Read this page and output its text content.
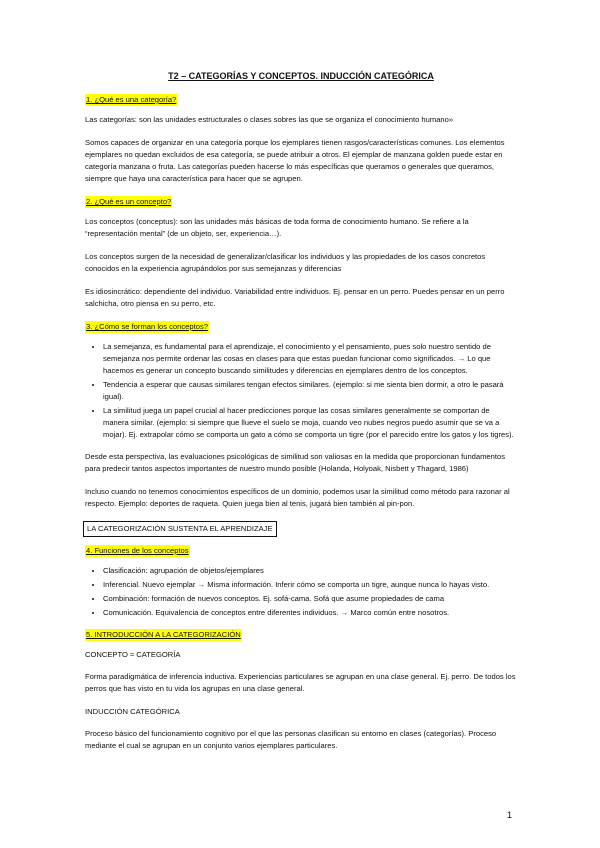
T2 – CATEGORÍAS Y CONCEPTOS. INDUCCIÓN CATEGÓRICA
1. ¿Qué es una categoría?

Las categorías: son las unidades estructurales o clases sobres las que se organiza el conocimiento humano»

Somos capaces de organizar en una categoría porque los ejemplares tienen rasgos/características comunes. Los elementos ejemplares no quedan excluidos de esa categoría, se puede atribuir a otros. El ejemplar de manzana golden puede estar en categoría manzana o fruta. Las categorías pueden hacerse lo más específicas que queramos o generales que queramos, siempre que haya una característica para hacer que se agrupen.

2. ¿Qué es un concepto?

Los conceptos (conceptus): son las unidades más básicas de toda forma de conocimiento humano. Se refiere a la “representación mental” (de un objeto, ser, experiencia…).

Los conceptos surgen de la necesidad de generalizar/clasificar los individuos y las propiedades de los casos concretos conocidos en la experiencia agrupándolos por sus semejanzas y diferencias

Es idiosincrático: dependiente del individuo. Variabilidad entre individuos. Ej. pensar en un perro. Puedes pensar en un perro salchicha, otro piensa en su perro, etc.

3. ¿Cómo se forman los conceptos?
• La semejanza, es fundamental para el aprendizaje, el conocimiento y el pensamiento, pues solo nuestro sentido de semejanza nos permite ordenar las cosas en clases para que estas puedan funcionar como significados. → Lo que hacemos es generar un concepto buscando similitudes y diferencias en ejemplares dentro de los conceptos.
• Tendencia a esperar que causas similares tengan efectos similares. (ejemplo: si me sienta bien dormir, a otro le pasará igual).
• La similitud juega un papel crucial al hacer predicciones porque las cosas similares generalmente se comportan de manera similar. (ejemplo: si siempre que llueve el suelo se moja, cuando veo nubes negros puedo asumir que se va a mojar). Ej. extrapolar cómo se comporta un gato a cómo se comporta un tigre (por el parecido entre los gatos y los tigres).

Desde esta perspectiva, las evaluaciones psicológicas de similitud son valiosas en la medida que proporcionan fundamentos para predecir tantos aspectos importantes de nuestro mundo posible (Holanda, Holyoak, Nisbett y Thagard, 1986)

Incluso cuando no tenemos conocimientos específicos de un dominio, podemos usar la similitud como método para razonar al respecto. Ejemplo: deportes de raqueta. Quien juega bien al tenis, jugará bien también al pin-pon.

LA CATEGORIZACIÓN SUSTENTA EL APRENDIZAJE
4. Funciones de los conceptos
• Clasificación: agrupación de objetos/ejemplares
• Inferencial. Nuevo ejemplar → Misma información. Inferir cómo se comporta un tigre, aunque nunca lo hayas visto.
• Combinación: formación de nuevos conceptos. Ej. sofá-cama. Sofá que asume propiedades de cama
• Comunicación. Equivalencia de conceptos entre diferentes individuos. → Marco común entre nosotros.
5. INTRODUCCIÓN A LA CATEGORIZACIÓN
CONCEPTO ≈ CATEGORÍA

Forma paradigmática de inferencia inductiva. Experiencias particulares se agrupan en una clase general. Ej. perro. De todos los perros que has visto en tu vida los agrupas en una clase general.

INDUCCIÓN CATEGÓRICA

Proceso básico del funcionamiento cognitivo por el que las personas clasifican su entorno en clases (categorías). Proceso mediante el cual se agrupan en un conjunto varios ejemplares particulares.

1
